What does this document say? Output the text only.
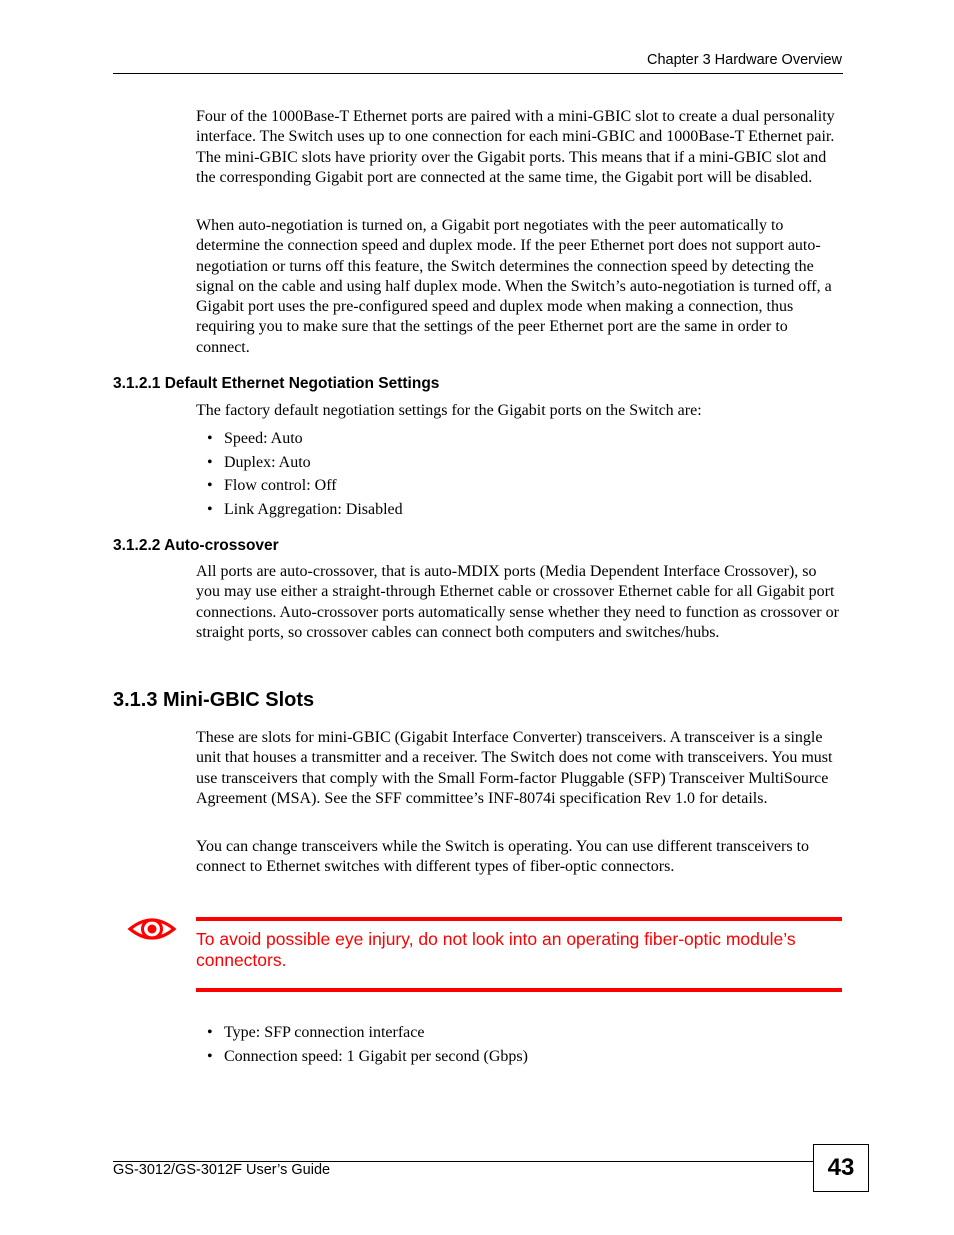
Chapter 3 Hardware Overview

Four of the 1000Base-T Ethernet ports are paired with a mini-GBIC slot to create a dual personality interface. The Switch uses up to one connection for each mini-GBIC and 1000Base-T Ethernet pair. The mini-GBIC slots have priority over the Gigabit ports. This means that if a mini-GBIC slot and the corresponding Gigabit port are connected at the same time, the Gigabit port will be disabled.

When auto-negotiation is turned on, a Gigabit port negotiates with the peer automatically to determine the connection speed and duplex mode. If the peer Ethernet port does not support auto-negotiation or turns off this feature, the Switch determines the connection speed by detecting the signal on the cable and using half duplex mode. When the Switch’s auto-negotiation is turned off, a Gigabit port uses the pre-configured speed and duplex mode when making a connection, thus requiring you to make sure that the settings of the peer Ethernet port are the same in order to connect.

3.1.2.1 Default Ethernet Negotiation Settings

The factory default negotiation settings for the Gigabit ports on the Switch are:

• Speed: Auto
• Duplex: Auto
• Flow control: Off
• Link Aggregation: Disabled
3.1.2.2 Auto-crossover

All ports are auto-crossover, that is auto-MDIX ports (Media Dependent Interface Crossover), so you may use either a straight-through Ethernet cable or crossover Ethernet cable for all Gigabit port connections. Auto-crossover ports automatically sense whether they need to function as crossover or straight ports, so crossover cables can connect both computers and switches/hubs.

3.1.3 Mini-GBIC Slots

These are slots for mini-GBIC (Gigabit Interface Converter) transceivers. A transceiver is a single unit that houses a transmitter and a receiver. The Switch does not come with transceivers. You must use transceivers that comply with the Small Form-factor Pluggable (SFP) Transceiver MultiSource Agreement (MSA). See the SFF committee’s INF-8074i specification Rev 1.0 for details.

You can change transceivers while the Switch is operating. You can use different transceivers to connect to Ethernet switches with different types of fiber-optic connectors.

To avoid possible eye injury, do not look into an operating fiber-optic module’s connectors.
• Type: SFP connection interface
• Connection speed: 1 Gigabit per second (Gbps)
GS-3012/GS-3012F User’s Guide	43
